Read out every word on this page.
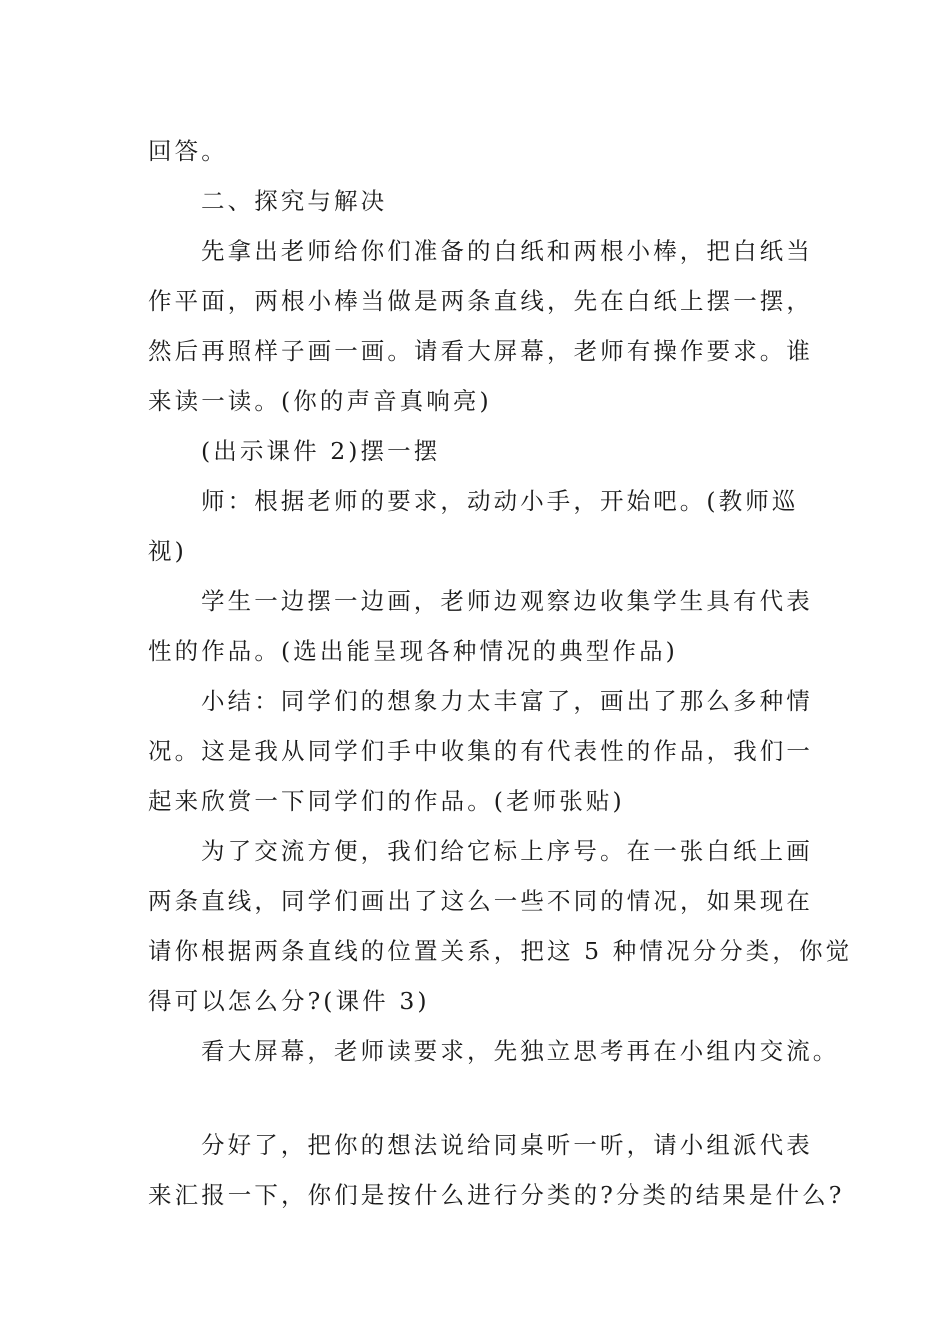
回答。
二、探究与解决
先拿出老师给你们准备的白纸和两根小棒，把白纸当
作平面，两根小棒当做是两条直线，先在白纸上摆一摆，
然后再照样子画一画。请看大屏幕，老师有操作要求。谁
来读一读。(你的声音真响亮)
(出示课件 2)摆一摆
师：根据老师的要求，动动小手，开始吧。(教师巡
视)
学生一边摆一边画，老师边观察边收集学生具有代表
性的作品。(选出能呈现各种情况的典型作品)
小结：同学们的想象力太丰富了，画出了那么多种情
况。这是我从同学们手中收集的有代表性的作品，我们一
起来欣赏一下同学们的作品。(老师张贴)
为了交流方便，我们给它标上序号。在一张白纸上画
两条直线，同学们画出了这么一些不同的情况，如果现在
请你根据两条直线的位置关系，把这 5 种情况分分类，你觉
得可以怎么分?(课件 3)
看大屏幕，老师读要求，先独立思考再在小组内交流。
分好了，把你的想法说给同桌听一听，请小组派代表
来汇报一下，你们是按什么进行分类的?分类的结果是什么?
